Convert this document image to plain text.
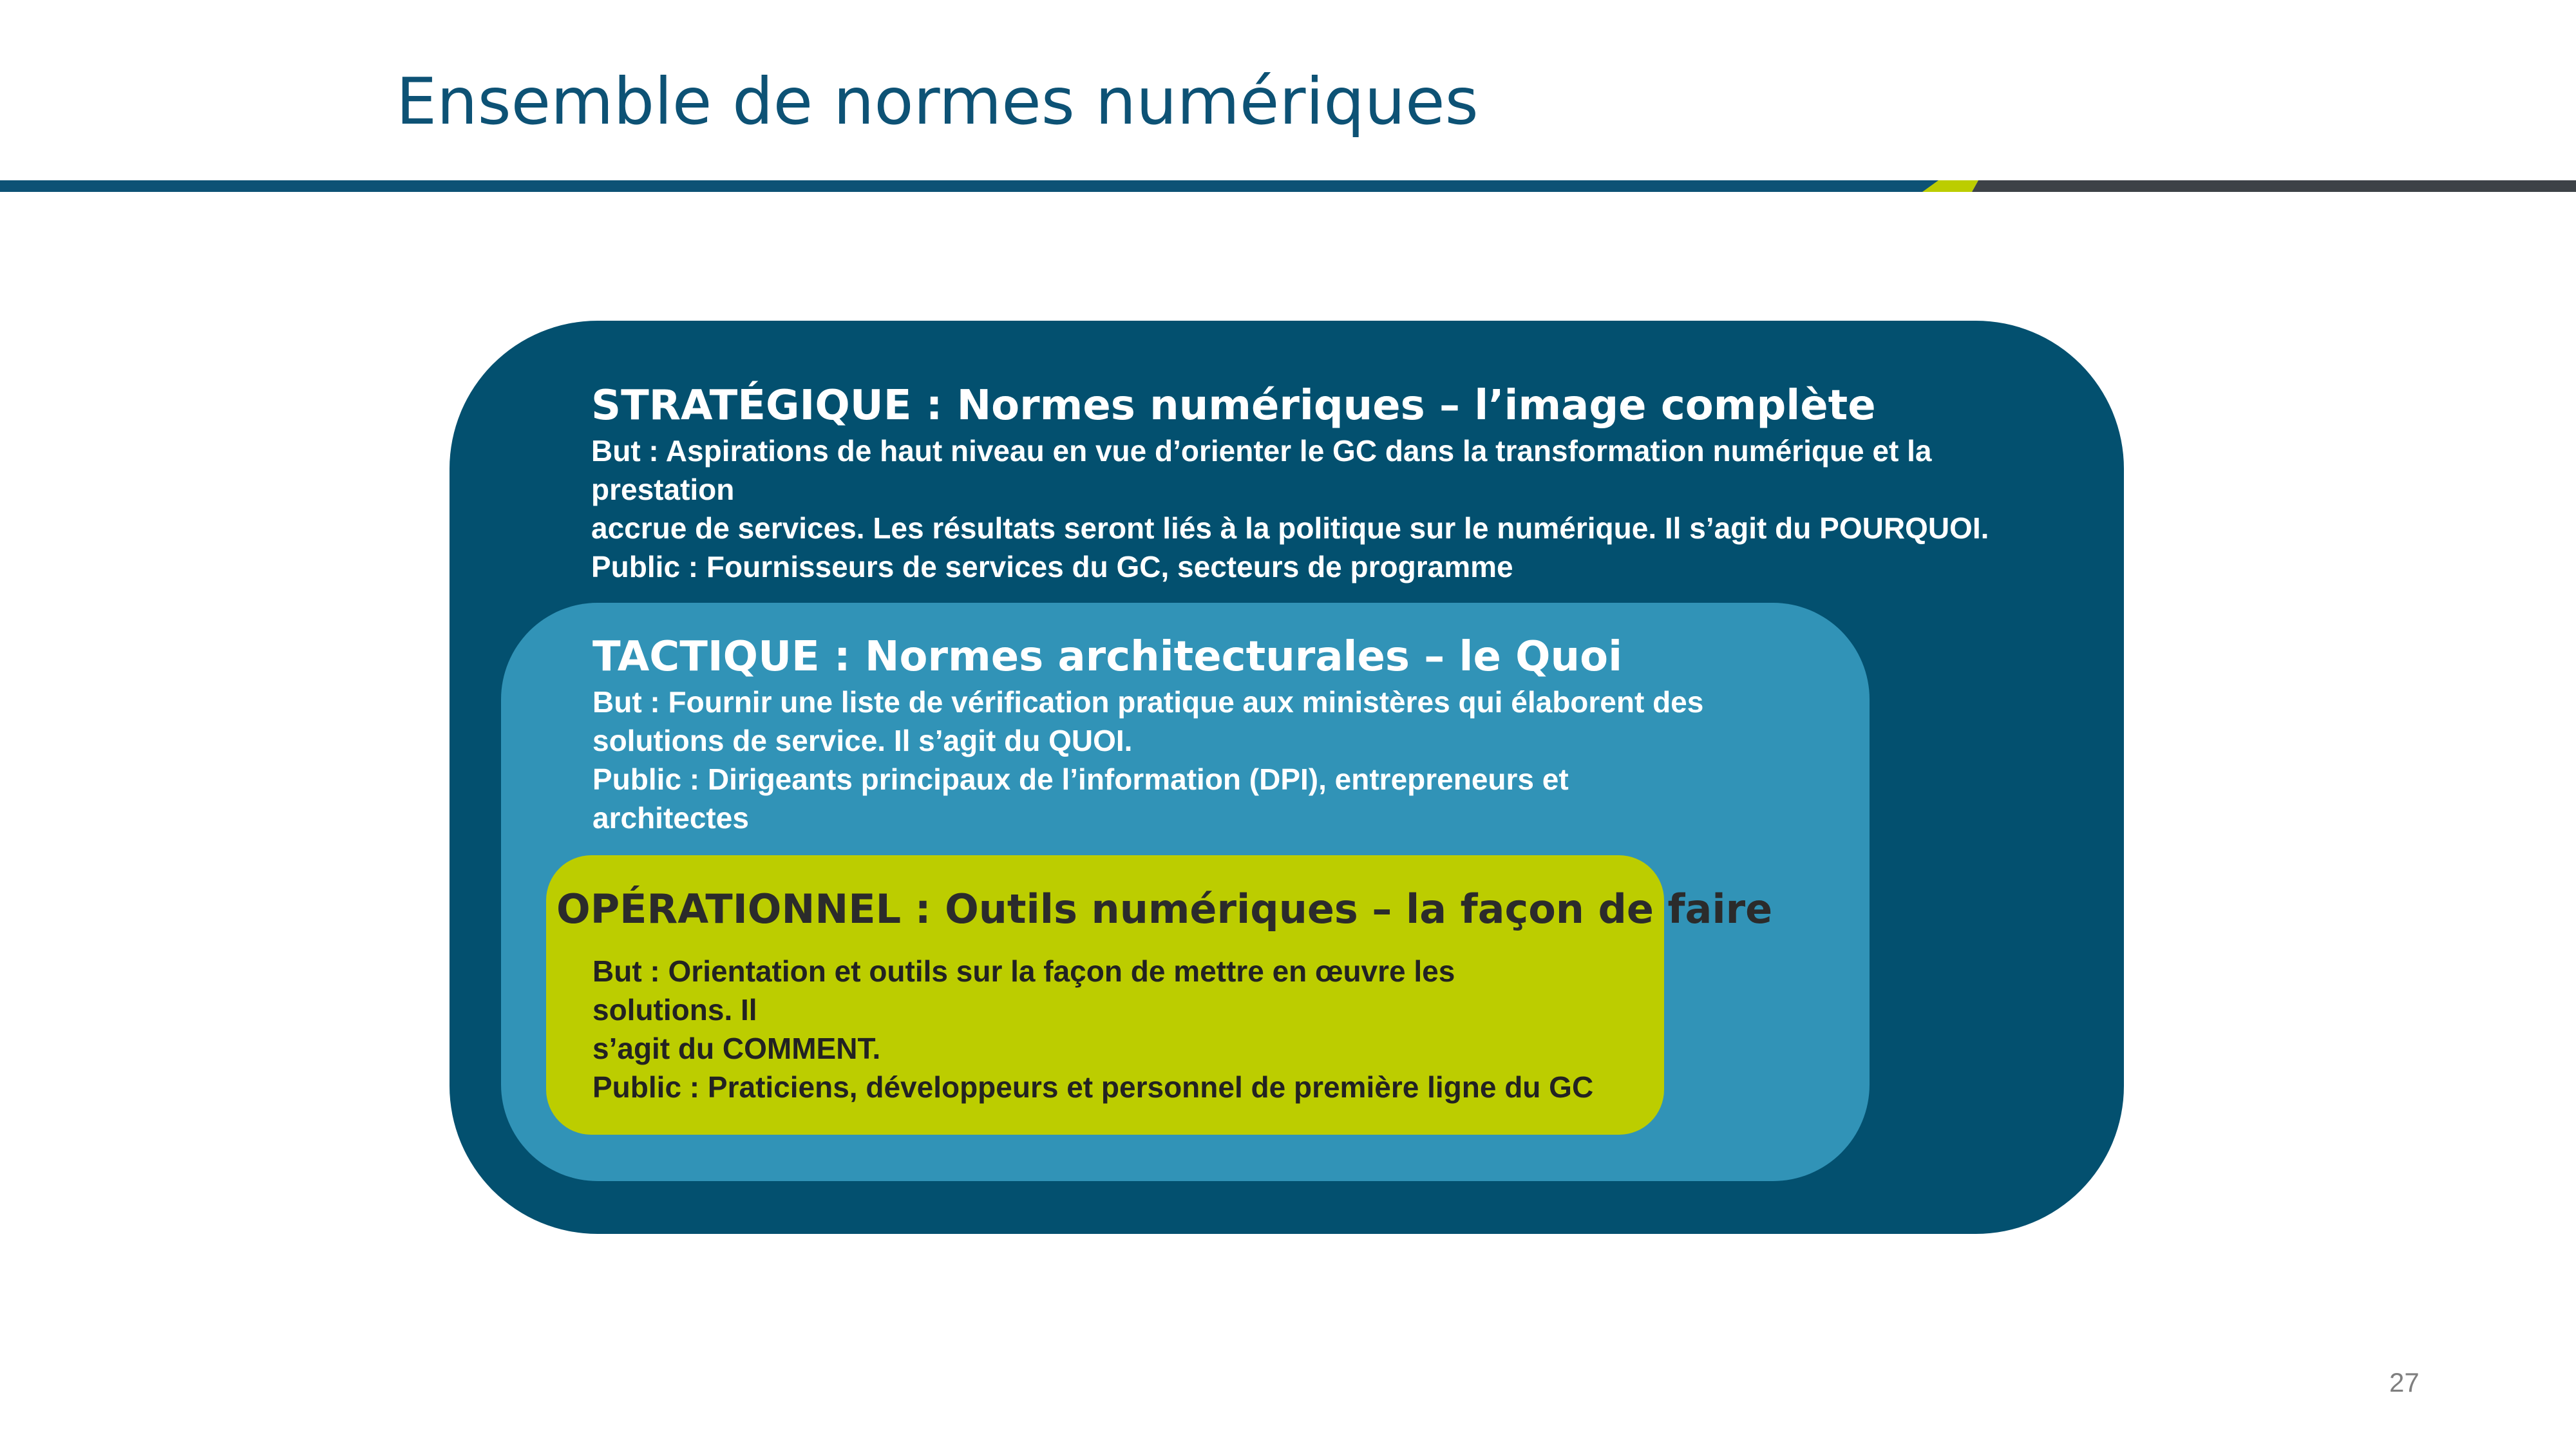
Ensemble de normes numériques
STRATÉGIQUE : Normes numériques – l’image complète

But : Aspirations de haut niveau en vue d’orienter le GC dans la transformation numérique et la prestation
accrue de services. Les résultats seront liés à la politique sur le numérique. Il s’agit du POURQUOI.
Public : Fournisseurs de services du GC, secteurs de programme

TACTIQUE : Normes architecturales – le Quoi

But : Fournir une liste de vérification pratique aux ministères qui élaborent des
solutions de service. Il s’agit du QUOI.
Public : Dirigeants principaux de l’information (DPI), entrepreneurs et architectes

OPÉRATIONNEL : Outils numériques – la façon de faire

But : Orientation et outils sur la façon de mettre en œuvre les solutions. Il
s’agit du COMMENT.
Public : Praticiens, développeurs et personnel de première ligne du GC

27
